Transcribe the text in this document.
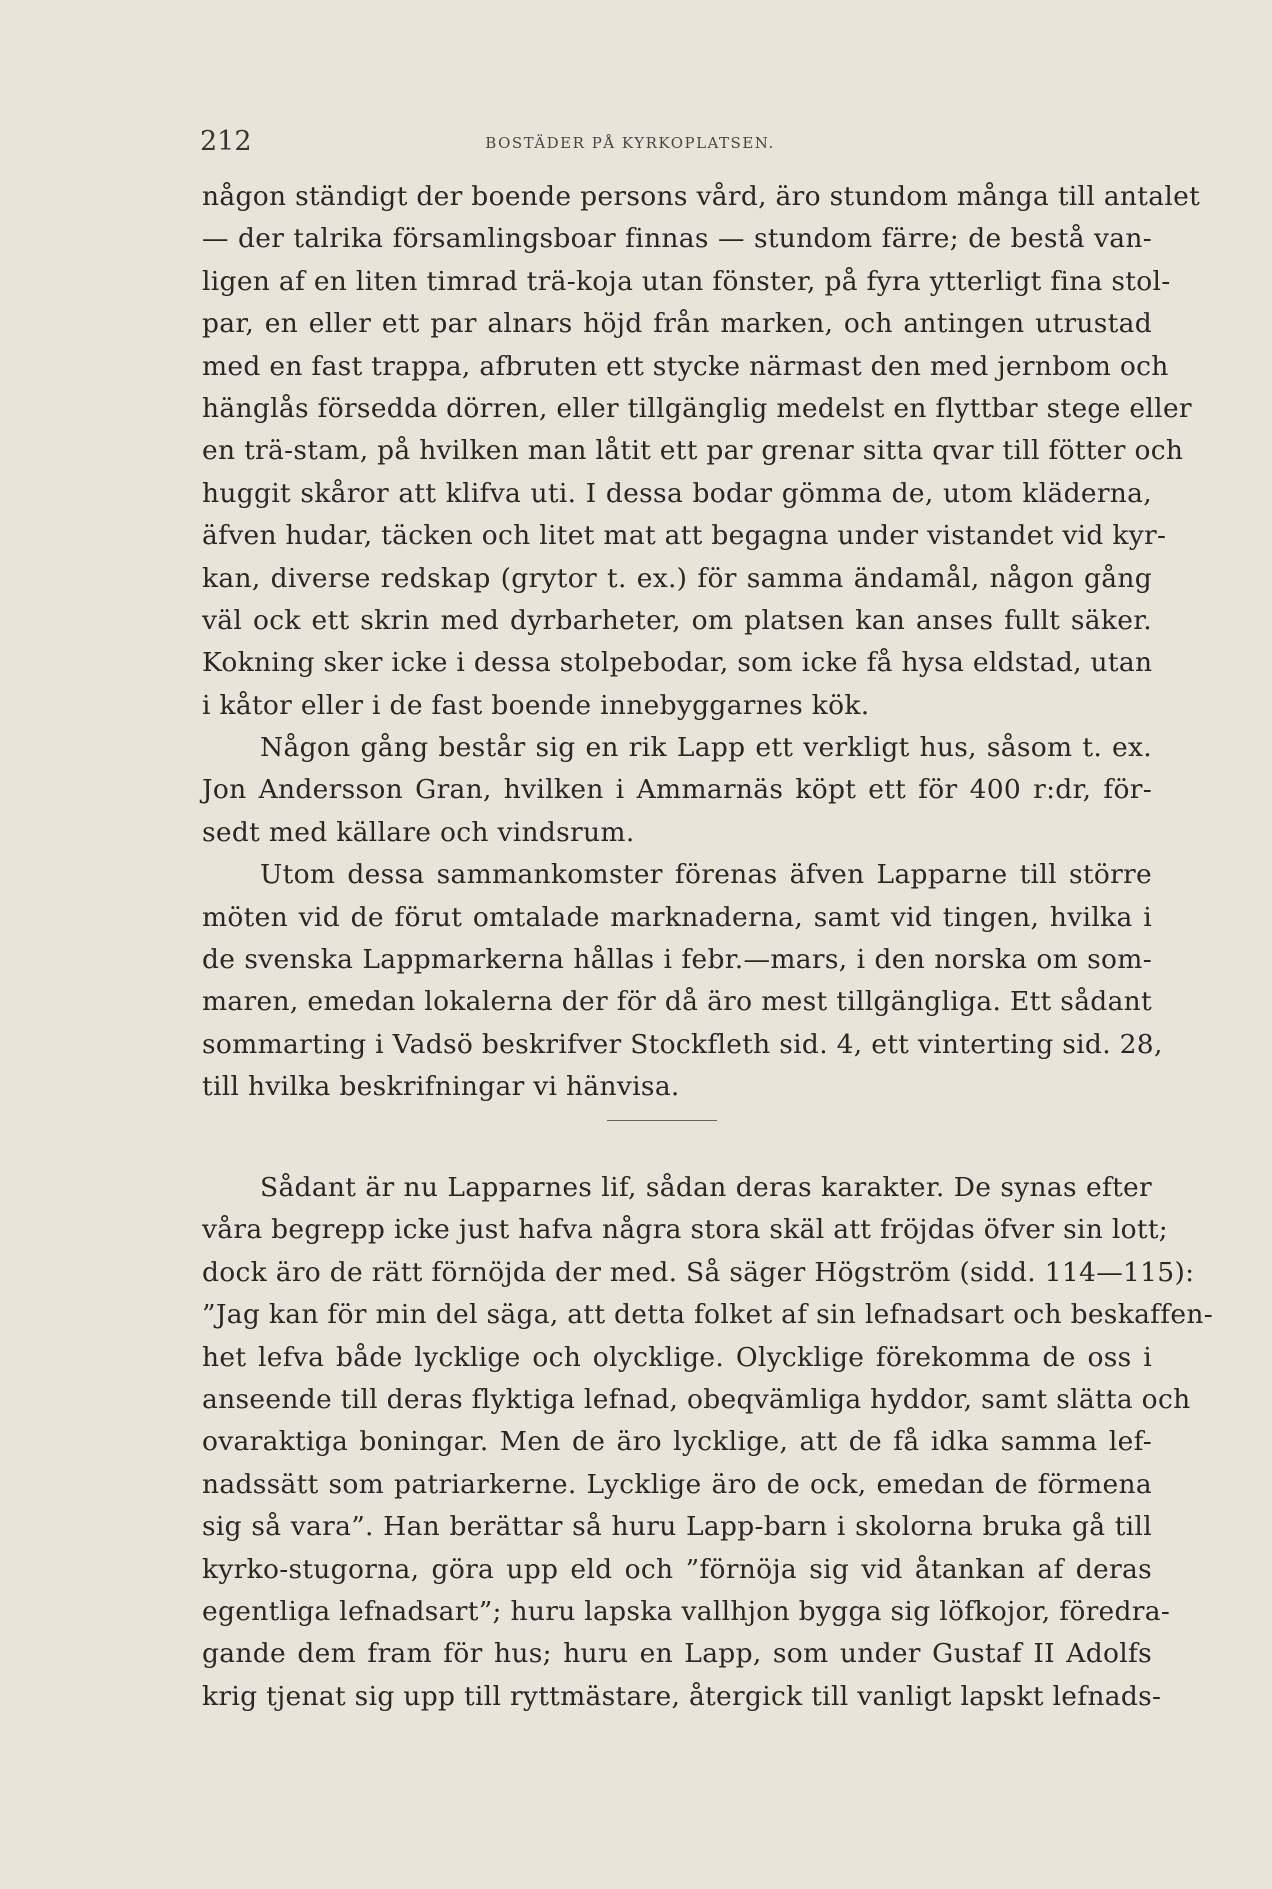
212	BOSTÄDER PÅ KYRKOPLATSEN.
någon ständigt der boende persons vård, äro stundom många till antalet
— der talrika församlingsboar finnas — stundom färre; de bestå van-
ligen af en liten timrad trä-koja utan fönster, på fyra ytterligt fina stol-
par, en eller ett par alnars höjd från marken, och antingen utrustad
med en fast trappa, afbruten ett stycke närmast den med jernbom och
hänglås försedda dörren, eller tillgänglig medelst en flyttbar stege eller
en trä-stam, på hvilken man låtit ett par grenar sitta qvar till fötter och
huggit skåror att klifva uti. I dessa bodar gömma de, utom kläderna,
äfven hudar, täcken och litet mat att begagna under vistandet vid kyr-
kan, diverse redskap (grytor t. ex.) för samma ändamål, någon gång
väl ock ett skrin med dyrbarheter, om platsen kan anses fullt säker.
Kokning sker icke i dessa stolpebodar, som icke få hysa eldstad, utan
i kåtor eller i de fast boende innebyggarnes kök.
Någon gång består sig en rik Lapp ett verkligt hus, såsom t. ex.
Jon Andersson Gran, hvilken i Ammarnäs köpt ett för 400 r:dr, för-
sedt med källare och vindsrum.
Utom dessa sammankomster förenas äfven Lapparne till större
möten vid de förut omtalade marknaderna, samt vid tingen, hvilka i
de svenska Lappmarkerna hållas i febr.—mars, i den norska om som-
maren, emedan lokalerna der för då äro mest tillgängliga. Ett sådant
sommarting i Vadsö beskrifver Stockfleth sid. 4, ett vinterting sid. 28,
till hvilka beskrifningar vi hänvisa.
Sådant är nu Lapparnes lif, sådan deras karakter. De synas efter
våra begrepp icke just hafva några stora skäl att fröjdas öfver sin lott;
dock äro de rätt förnöjda der med. Så säger Högström (sidd. 114—115):
”Jag kan för min del säga, att detta folket af sin lefnadsart och beskaffen-
het lefva både lycklige och olycklige. Olycklige förekomma de oss i
anseende till deras flyktiga lefnad, obeqvämliga hyddor, samt slätta och
ovaraktiga boningar. Men de äro lycklige, att de få idka samma lef-
nadssätt som patriarkerne. Lycklige äro de ock, emedan de förmena
sig så vara”. Han berättar så huru Lapp-barn i skolorna bruka gå till
kyrko-stugorna, göra upp eld och ”förnöja sig vid åtankan af deras
egentliga lefnadsart”; huru lapska vallhjon bygga sig löfkojor, föredra-
gande dem fram för hus; huru en Lapp, som under Gustaf II Adolfs
krig tjenat sig upp till ryttmästare, återgick till vanligt lapskt lefnads-
